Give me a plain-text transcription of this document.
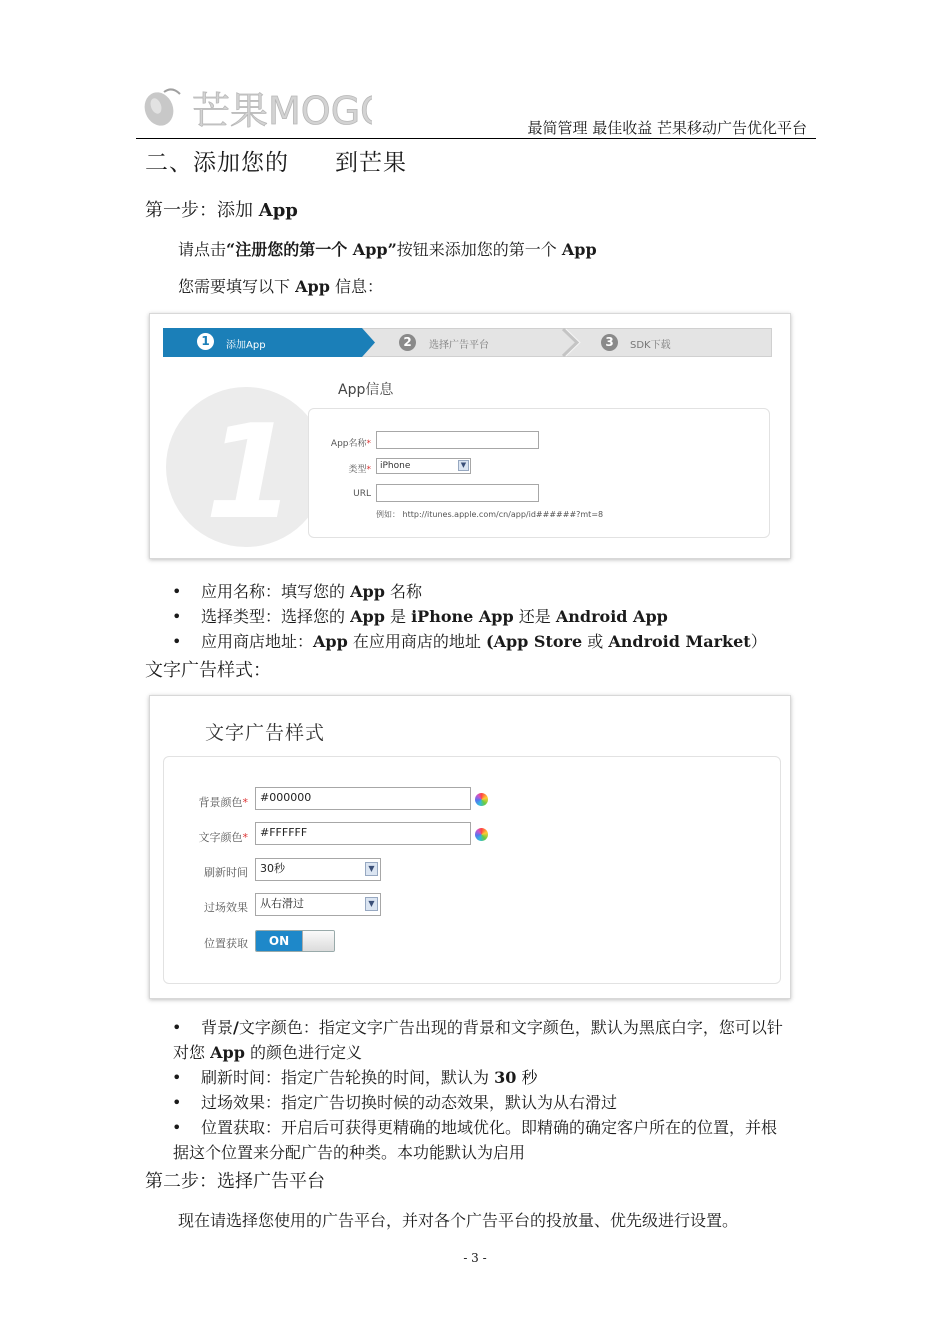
芒果MOGO	最简管理 最佳收益 芒果移动广告优化平台
二、添加您的 到芒果
第一步：添加 App
请点击“注册您的第一个 App”按钮来添加您的第一个 App
您需要填写以下 App 信息：
1	添加App	2	选择广告平台	3	SDK下载
1
App信息
App名称*
类型*	iPhone	▼
URL
例如： http://itunes.apple.com/cn/app/id######?mt=8
• 应用名称：填写您的 App 名称
• 选择类型：选择您的 App 是 iPhone App 还是 Android App
• 应用商店地址：App 在应用商店的地址 (App Store 或 Android Market）
文字广告样式：
文字广告样式
背景颜色*	#000000
文字颜色*	#FFFFFF
刷新时间	30秒	▼
过场效果	从右滑过	▼
位置获取	ON
• 背景/文字颜色：指定文字广告出现的背景和文字颜色，默认为黑底白字，您可以针
对您 App 的颜色进行定义
• 刷新时间：指定广告轮换的时间，默认为 30 秒
• 过场效果：指定广告切换时候的动态效果，默认为从右滑过
• 位置获取：开启后可获得更精确的地域优化。即精确的确定客户所在的位置，并根
据这个位置来分配广告的种类。本功能默认为启用
第二步：选择广告平台
现在请选择您使用的广告平台，并对各个广告平台的投放量、优先级进行设置。
- 3 -
